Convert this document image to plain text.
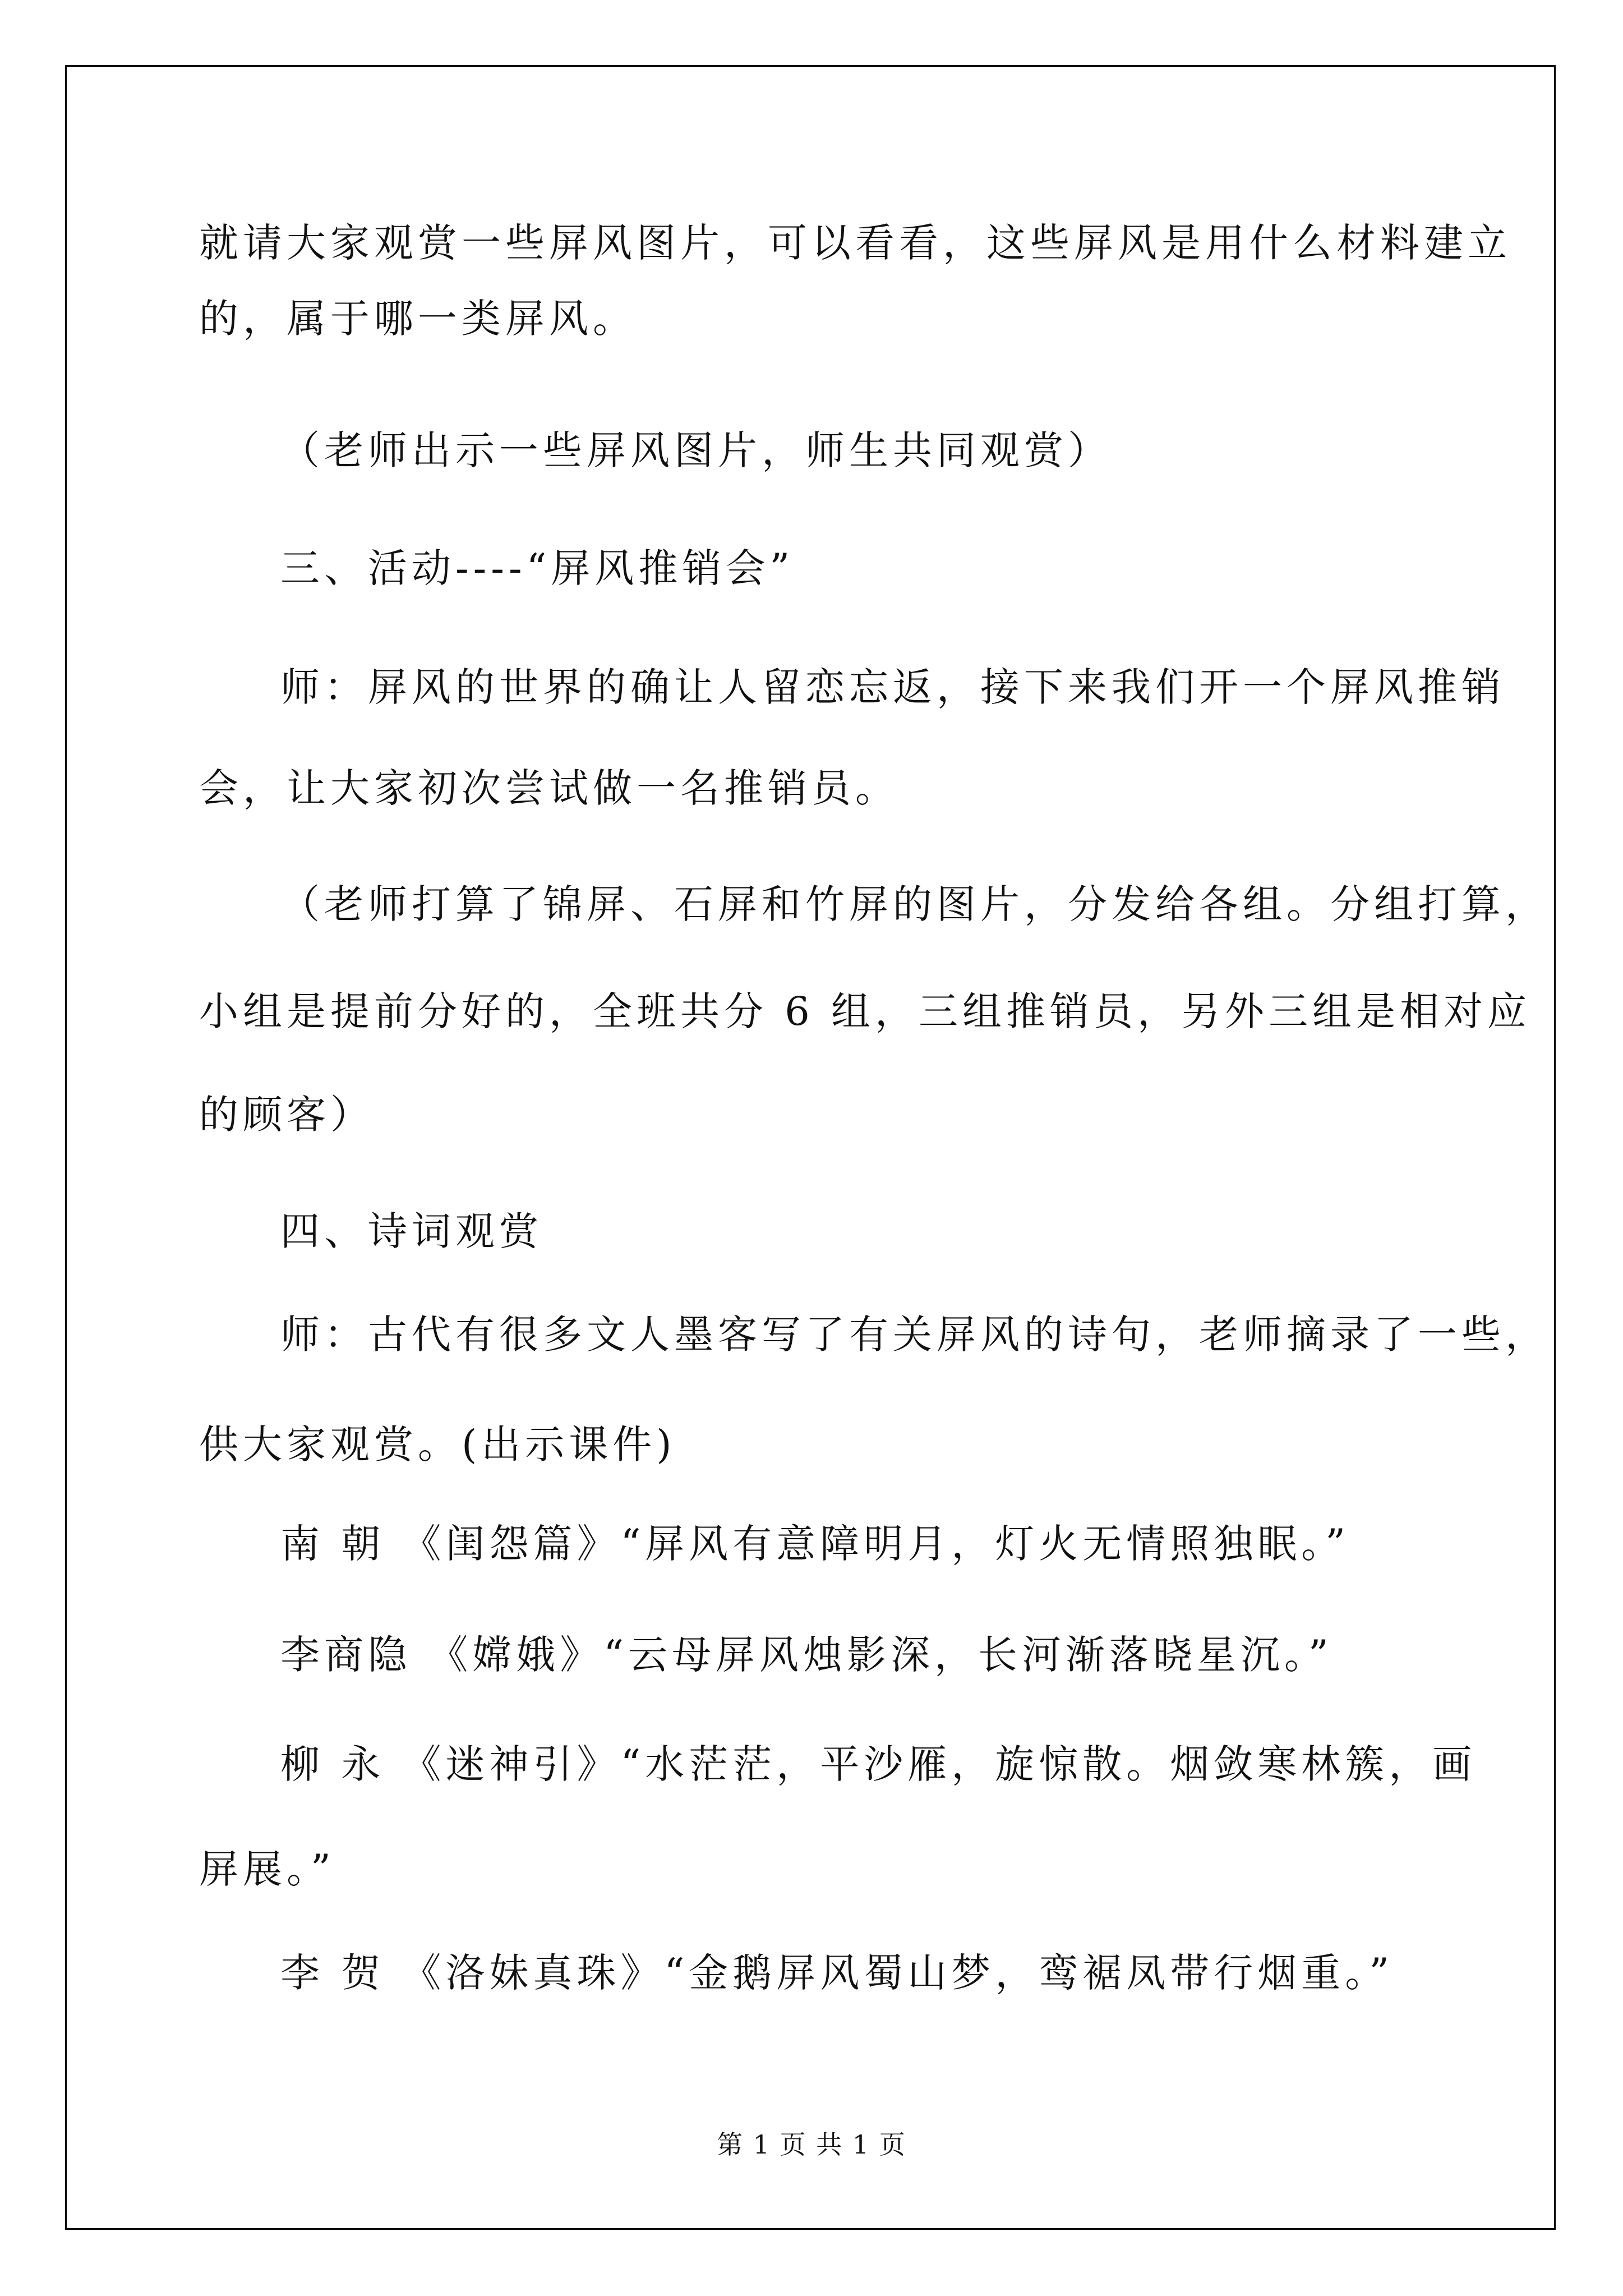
就请大家观赏一些屏风图片，可以看看，这些屏风是用什么材料建立
的，属于哪一类屏风。
（老师出示一些屏风图片，师生共同观赏）
三、活动----“屏风推销会”
师：屏风的世界的确让人留恋忘返，接下来我们开一个屏风推销
会，让大家初次尝试做一名推销员。
（老师打算了锦屏、石屏和竹屏的图片，分发给各组。分组打算，
小组是提前分好的，全班共分 6 组，三组推销员，另外三组是相对应
的顾客）
四、诗词观赏
师：古代有很多文人墨客写了有关屏风的诗句，老师摘录了一些，
供大家观赏。(出示课件)
南 朝 《闺怨篇》“屏风有意障明月，灯火无情照独眠。”
李商隐 《嫦娥》“云母屏风烛影深，长河渐落晓星沉。”
柳 永 《迷神引》“水茫茫，平沙雁，旋惊散。烟敛寒林簇，画
屏展。”
李 贺 《洛妹真珠》“金鹅屏风蜀山梦，鸾裾凤带行烟重。”
第 1 页 共 1 页
